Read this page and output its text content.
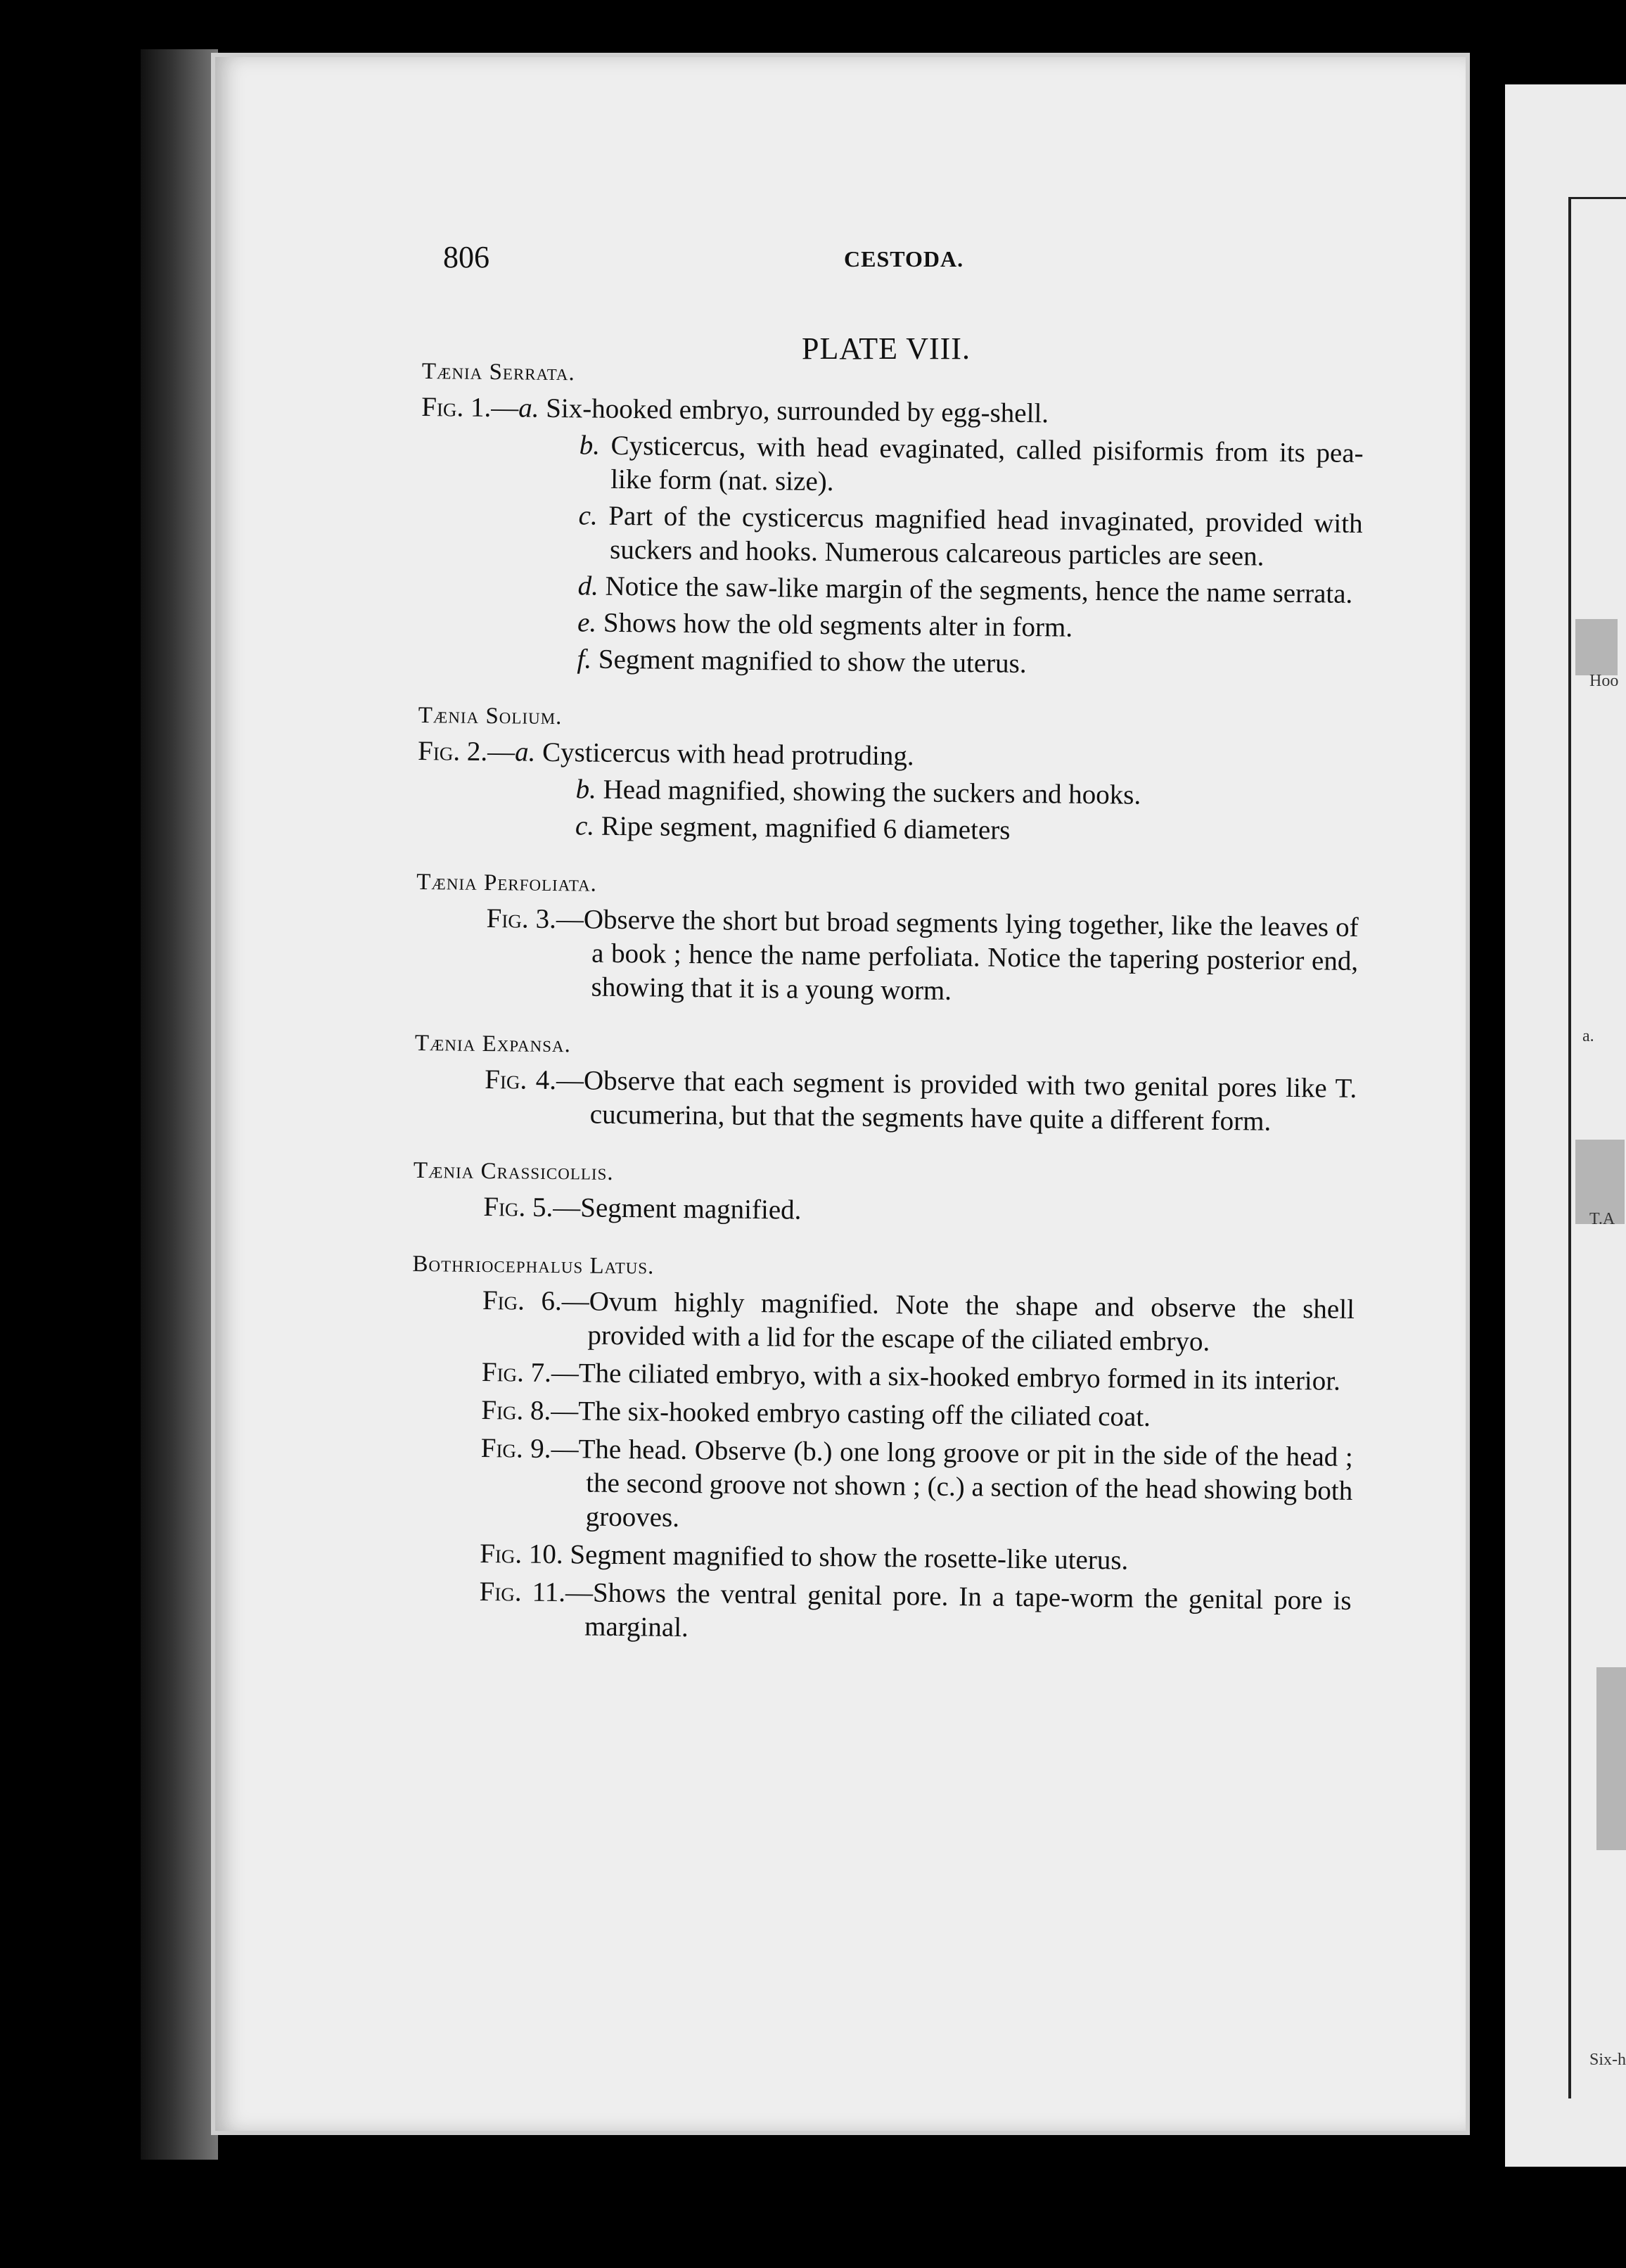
Hoo
a.
T.A
Six-h
806	CESTODA.
PLATE VIII.
Tænia Serrata.
Fig. 1.—a. Six-hooked embryo, surrounded by egg-shell.
b. Cysticercus, with head evaginated, called pisiformis from its pea-like form (nat. size).
c. Part of the cysticercus magnified head invaginated, provided with suckers and hooks. Numerous calcareous particles are seen.
d. Notice the saw-like margin of the segments, hence the name serrata.
e. Shows how the old segments alter in form.
f. Segment magnified to show the uterus.
Tænia Solium.
Fig. 2.—a. Cysticercus with head protruding.
b. Head magnified, showing the suckers and hooks.
c. Ripe segment, magnified 6 diameters
Tænia Perfoliata.
Fig. 3.—Observe the short but broad segments lying together, like the leaves of a book ; hence the name perfoliata. Notice the tapering posterior end, showing that it is a young worm.
Tænia Expansa.
Fig. 4.—Observe that each segment is provided with two genital pores like T. cucumerina, but that the segments have quite a different form.
Tænia Crassicollis.
Fig. 5.—Segment magnified.
Bothriocephalus Latus.
Fig. 6.—Ovum highly magnified. Note the shape and observe the shell provided with a lid for the escape of the ciliated embryo.
Fig. 7.—The ciliated embryo, with a six-hooked embryo formed in its interior.
Fig. 8.—The six-hooked embryo casting off the ciliated coat.
Fig. 9.—The head. Observe (b.) one long groove or pit in the side of the head ; the second groove not shown ; (c.) a section of the head showing both grooves.
Fig. 10. Segment magnified to show the rosette-like uterus.
Fig. 11.—Shows the ventral genital pore. In a tape-worm the genital pore is marginal.
